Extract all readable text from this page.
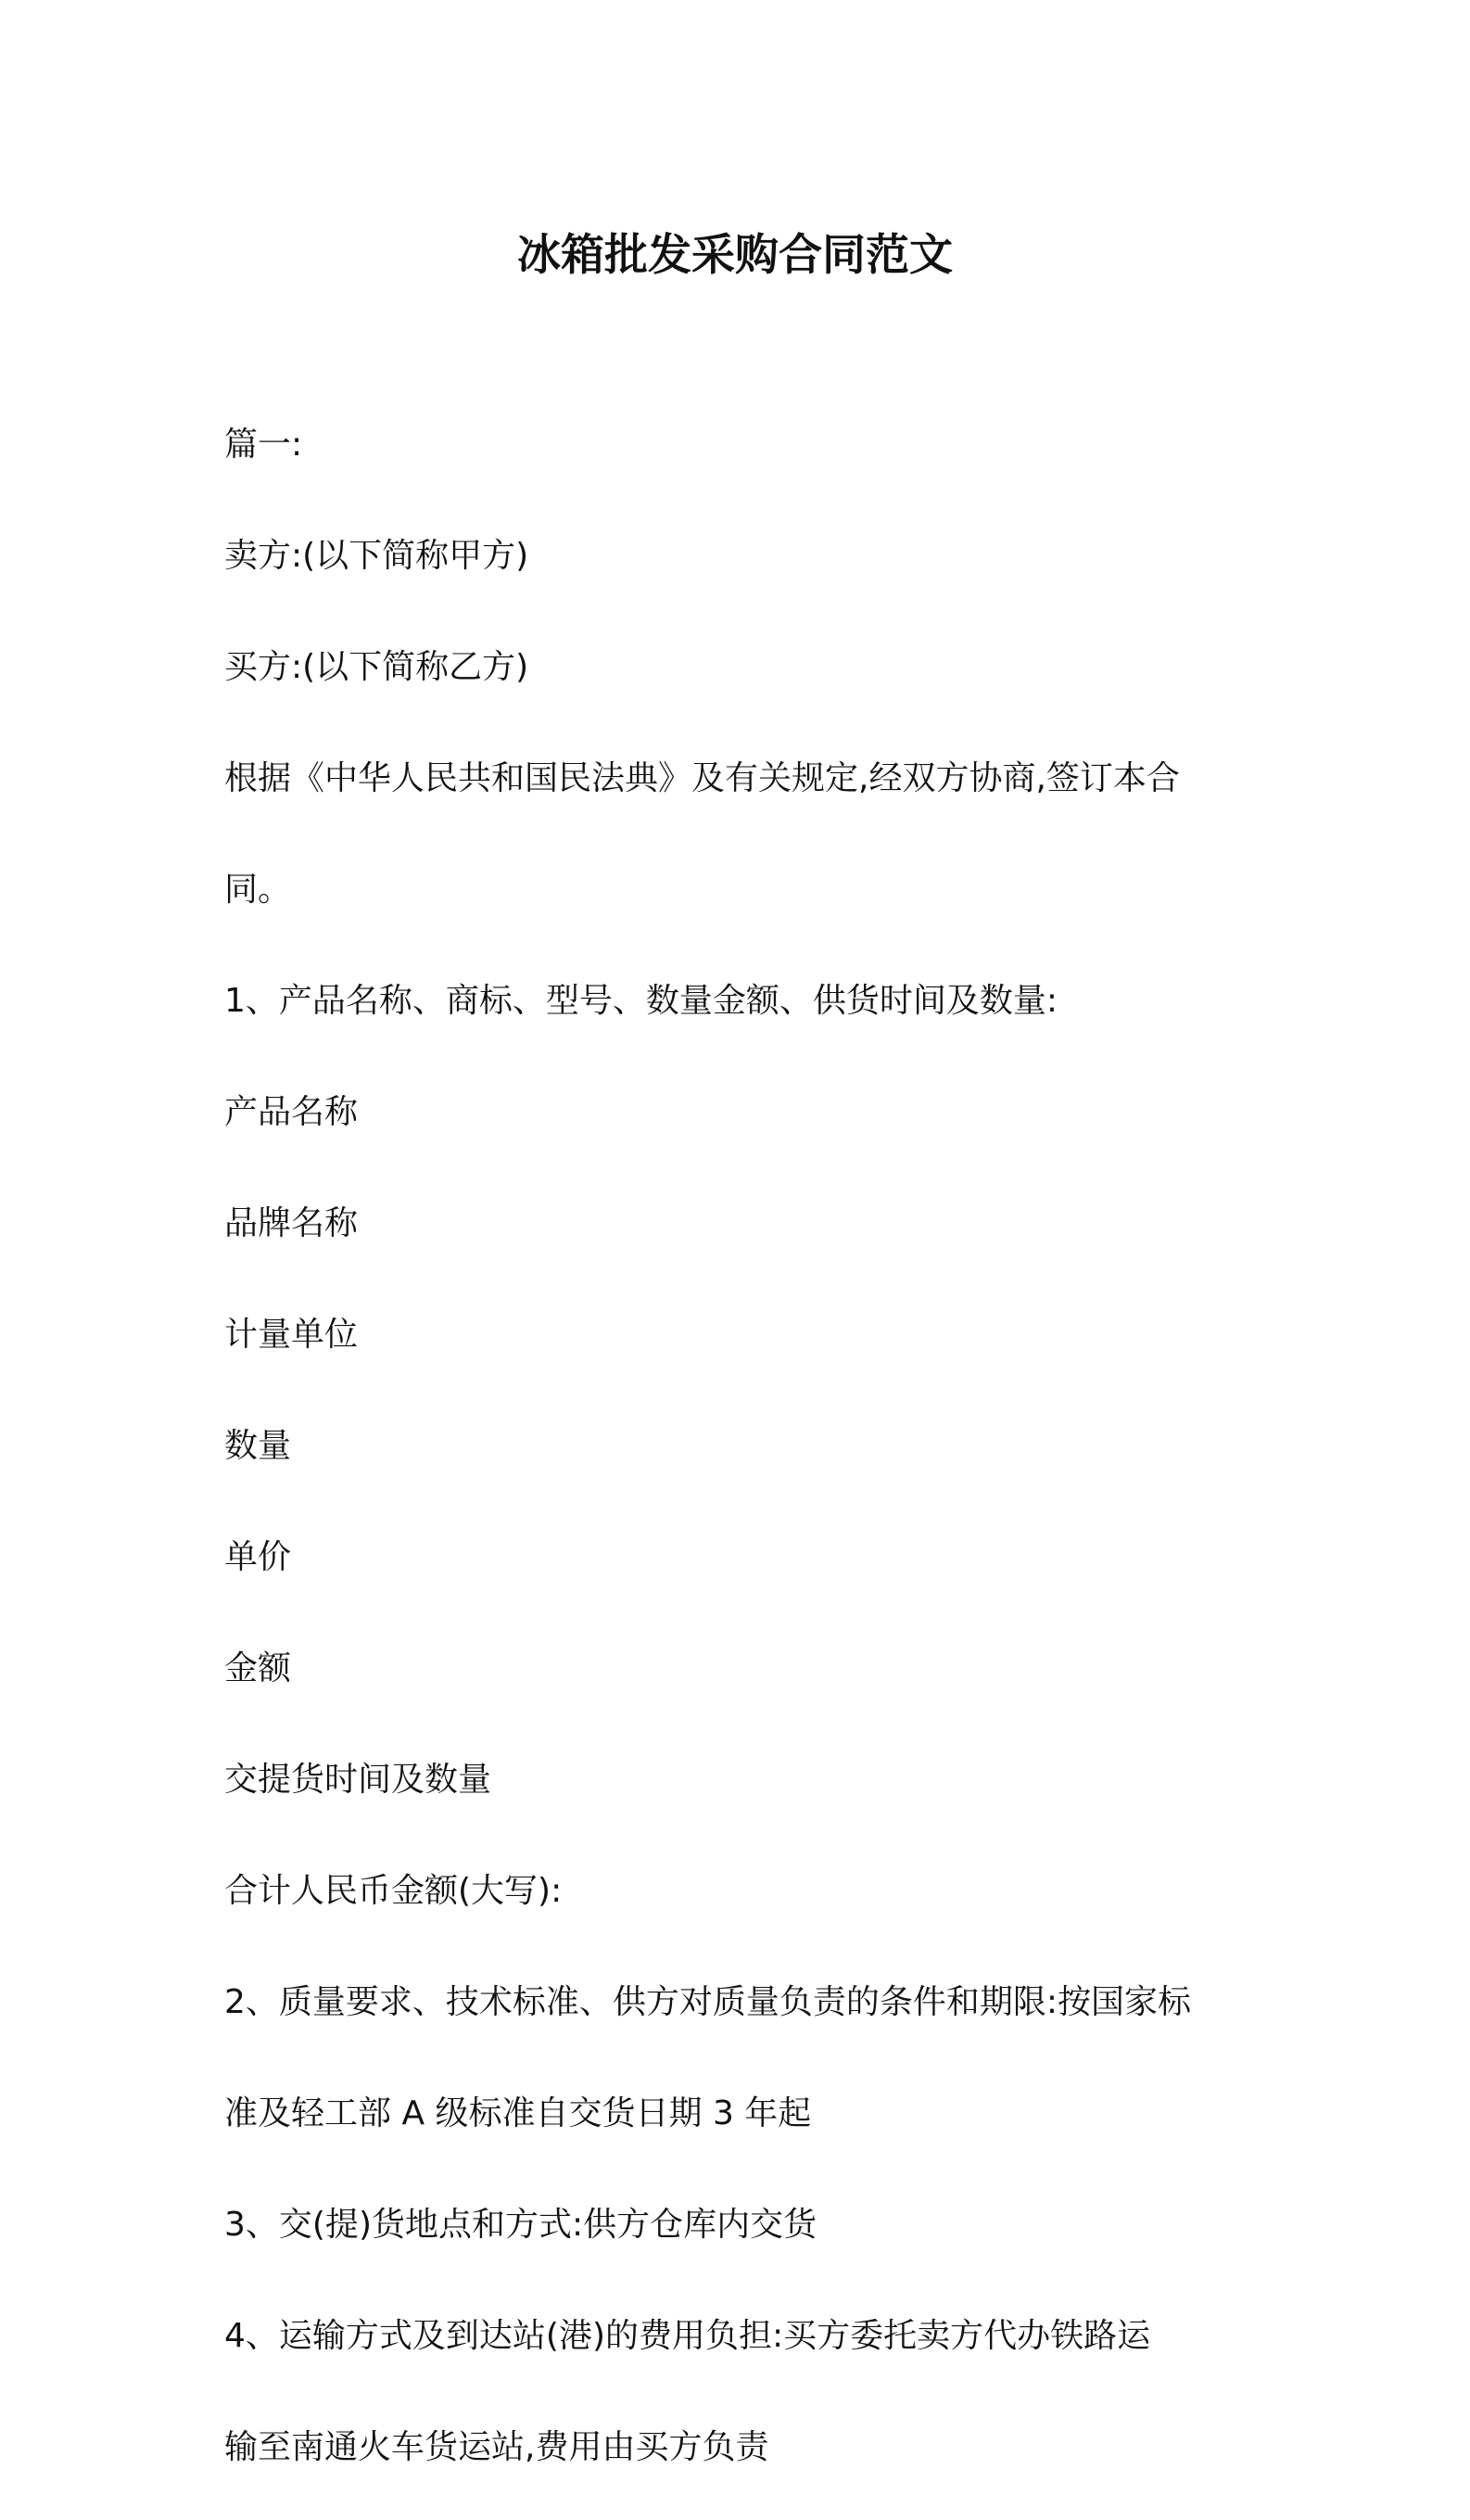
冰箱批发采购合同范文

篇一:

卖方:(以下简称甲方)

买方:(以下简称乙方)

根据《中华人民共和国民法典》及有关规定,经双方协商,签订本合

同。

1、产品名称、商标、型号、数量金额、供货时间及数量:

产品名称

品牌名称

计量单位

数量

单价

金额

交提货时间及数量

合计人民币金额(大写):

2、质量要求、技术标准、供方对质量负责的条件和期限:按国家标

准及轻工部 A 级标准自交货日期 3 年起

3、交(提)货地点和方式:供方仓库内交货

4、运输方式及到达站(港)的费用负担:买方委托卖方代办铁路运

输至南通火车货运站,费用由买方负责
